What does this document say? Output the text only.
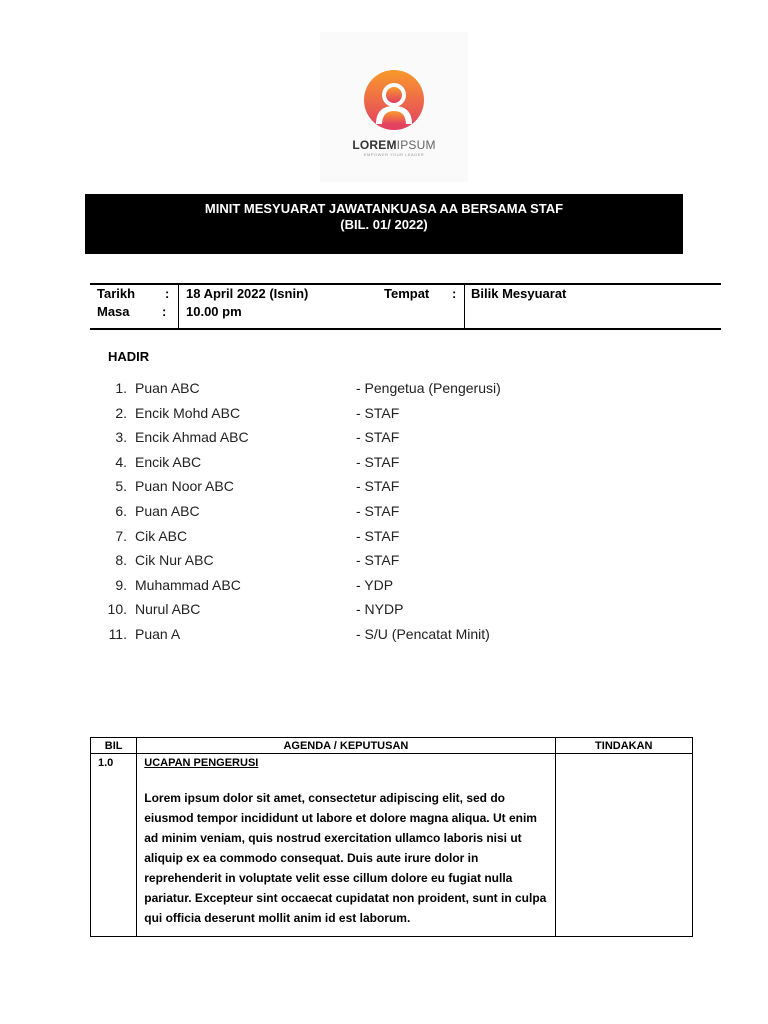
LOREMIPSUM
EMPOWER YOUR LEADER
MINIT MESYUARAT JAWATANKUASA AA BERSAMA STAF
(BIL. 01/ 2022)
Tarikh : 18 April 2022 (Isnin)	Tempat : Bilik Mesyuarat
Masa : 10.00 pm
HADIR
1. Puan ABC	- Pengetua (Pengerusi)
2. Encik Mohd ABC	- STAF
3. Encik Ahmad ABC	- STAF
4. Encik ABC	- STAF
5. Puan Noor ABC	- STAF
6. Puan ABC	- STAF
7. Cik ABC	- STAF
8. Cik Nur ABC	- STAF
9. Muhammad ABC	- YDP
10. Nurul ABC	- NYDP
11. Puan A	- S/U (Pencatat Minit)
BIL	AGENDA / KEPUTUSAN	TINDAKAN
1.0	UCAPAN PENGERUSI
Lorem ipsum dolor sit amet, consectetur adipiscing elit, sed do eiusmod tempor incididunt ut labore et dolore magna aliqua. Ut enim ad minim veniam, quis nostrud exercitation ullamco laboris nisi ut aliquip ex ea commodo consequat. Duis aute irure dolor in reprehenderit in voluptate velit esse cillum dolore eu fugiat nulla pariatur. Excepteur sint occaecat cupidatat non proident, sunt in culpa qui officia deserunt mollit anim id est laborum.	
